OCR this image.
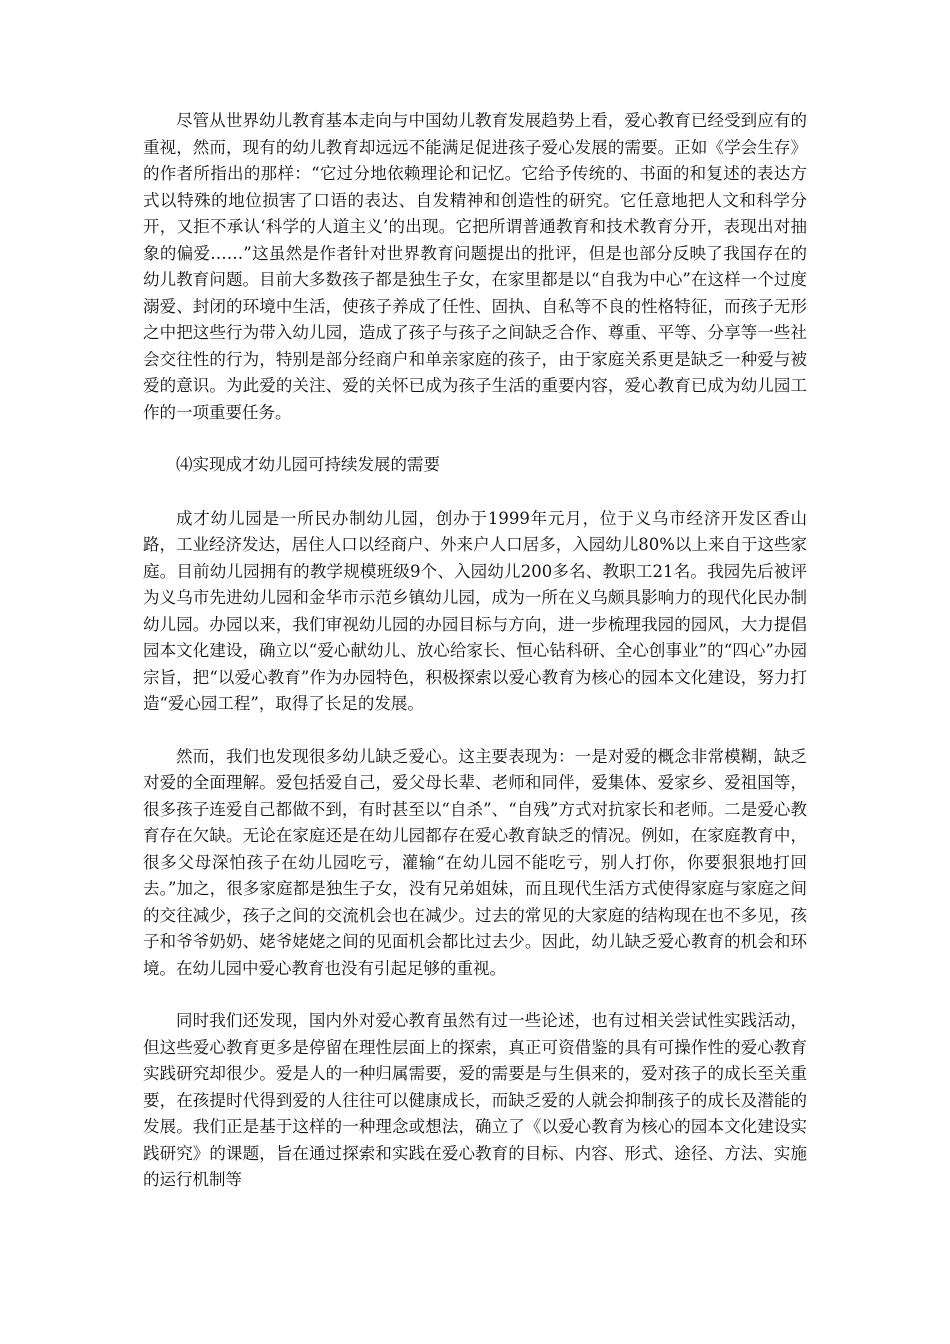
尽管从世界幼儿教育基本走向与中国幼儿教育发展趋势上看，爱心教育已经受到应有的重视，然而，现有的幼儿教育却远远不能满足促进孩子爱心发展的需要。正如《学会生存》的作者所指出的那样：“它过分地依赖理论和记忆。它给予传统的、书面的和复述的表达方式以特殊的地位损害了口语的表达、自发精神和创造性的研究。它任意地把人文和科学分开，又拒不承认‘科学的人道主义’的出现。它把所谓普通教育和技术教育分开，表现出对抽象的偏爱……”这虽然是作者针对世界教育问题提出的批评，但是也部分反映了我国存在的幼儿教育问题。目前大多数孩子都是独生子女，在家里都是以“自我为中心”在这样一个过度溺爱、封闭的环境中生活，使孩子养成了任性、固执、自私等不良的性格特征，而孩子无形之中把这些行为带入幼儿园，造成了孩子与孩子之间缺乏合作、尊重、平等、分享等一些社会交往性的行为，特别是部分经商户和单亲家庭的孩子，由于家庭关系更是缺乏一种爱与被爱的意识。为此爱的关注、爱的关怀已成为孩子生活的重要内容，爱心教育已成为幼儿园工作的一项重要任务。

⑷实现成才幼儿园可持续发展的需要

成才幼儿园是一所民办制幼儿园，创办于1999年元月，位于义乌市经济开发区香山路，工业经济发达，居住人口以经商户、外来户人口居多，入园幼儿80%以上来自于这些家庭。目前幼儿园拥有的教学规模班级9个、入园幼儿200多名、教职工21名。我园先后被评为义乌市先进幼儿园和金华市示范乡镇幼儿园，成为一所在义乌颇具影响力的现代化民办制幼儿园。办园以来，我们审视幼儿园的办园目标与方向，进一步梳理我园的园风，大力提倡园本文化建设，确立以“爱心献幼儿、放心给家长、恒心钻科研、全心创事业”的“四心”办园宗旨，把“以爱心教育”作为办园特色，积极探索以爱心教育为核心的园本文化建设，努力打造“爱心园工程”，取得了长足的发展。

然而，我们也发现很多幼儿缺乏爱心。这主要表现为：一是对爱的概念非常模糊，缺乏对爱的全面理解。爱包括爱自己，爱父母长辈、老师和同伴，爱集体、爱家乡、爱祖国等，很多孩子连爱自己都做不到，有时甚至以“自杀”、“自残”方式对抗家长和老师。二是爱心教育存在欠缺。无论在家庭还是在幼儿园都存在爱心教育缺乏的情况。例如，在家庭教育中，很多父母深怕孩子在幼儿园吃亏，灌输“在幼儿园不能吃亏，别人打你，你要狠狠地打回去。”加之，很多家庭都是独生子女，没有兄弟姐妹，而且现代生活方式使得家庭与家庭之间的交往减少，孩子之间的交流机会也在减少。过去的常见的大家庭的结构现在也不多见，孩子和爷爷奶奶、姥爷姥姥之间的见面机会都比过去少。因此，幼儿缺乏爱心教育的机会和环境。在幼儿园中爱心教育也没有引起足够的重视。

同时我们还发现，国内外对爱心教育虽然有过一些论述，也有过相关尝试性实践活动，但这些爱心教育更多是停留在理性层面上的探索，真正可资借鉴的具有可操作性的爱心教育实践研究却很少。爱是人的一种归属需要，爱的需要是与生俱来的，爱对孩子的成长至关重要，在孩提时代得到爱的人往往可以健康成长，而缺乏爱的人就会抑制孩子的成长及潜能的发展。我们正是基于这样的一种理念或想法，确立了《以爱心教育为核心的园本文化建设实践研究》的课题，旨在通过探索和实践在爱心教育的目标、内容、形式、途径、方法、实施的运行机制等
